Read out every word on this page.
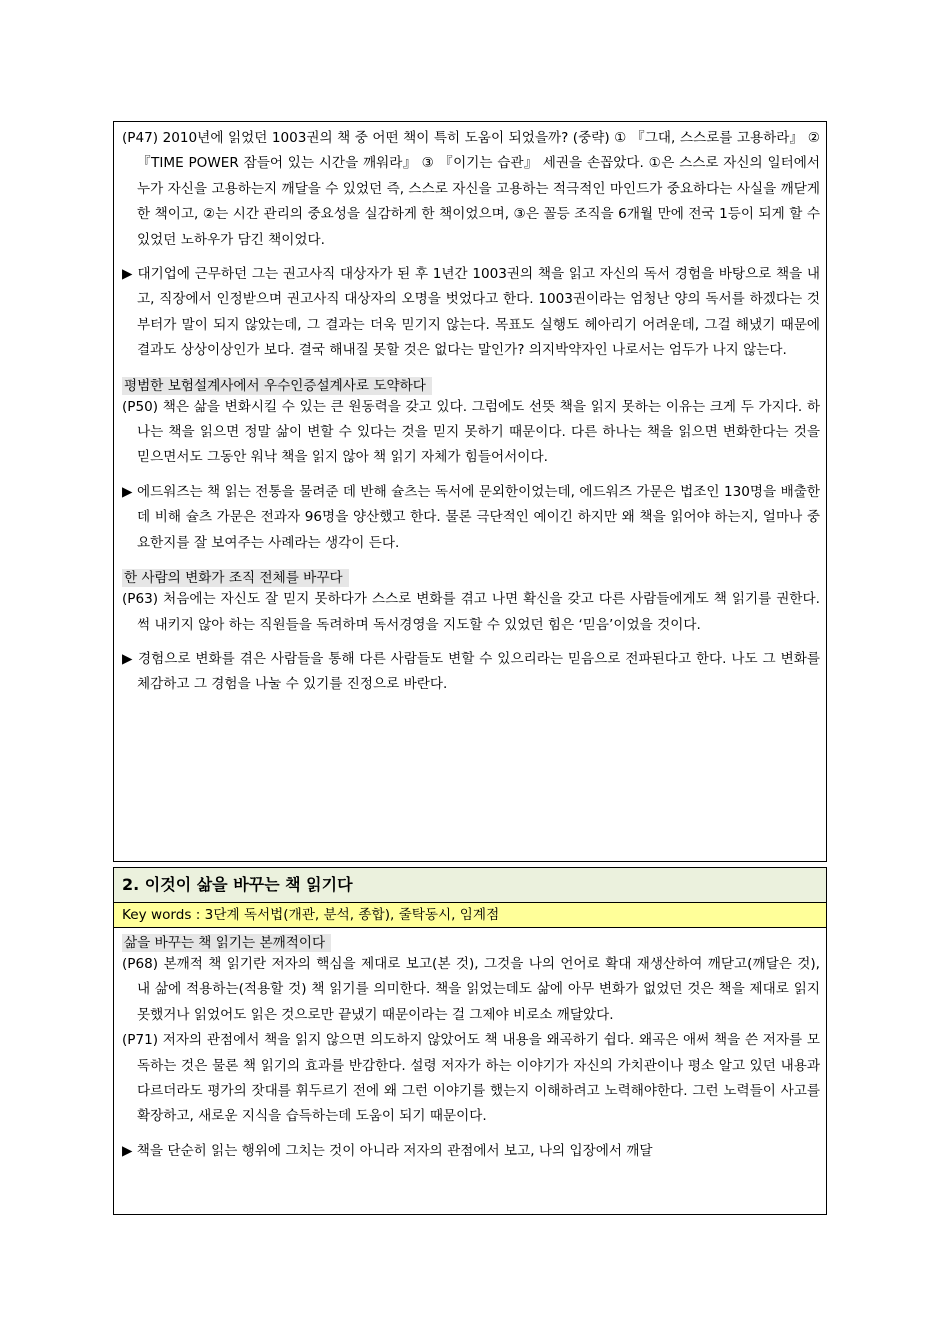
(P47) 2010년에 읽었던 1003권의 책 중 어떤 책이 특히 도움이 되었을까? (중략) ① 『그대, 스스로를 고용하라』 ② 『TIME POWER 잠들어 있는 시간을 깨워라』 ③ 『이기는 습관』 세권을 손꼽았다. ①은 스스로 자신의 일터에서 누가 자신을 고용하는지 깨달을 수 있었던 즉, 스스로 자신을 고용하는 적극적인 마인드가 중요하다는 사실을 깨닫게 한 책이고, ②는 시간 관리의 중요성을 실감하게 한 책이었으며, ③은 꼴등 조직을 6개월 만에 전국 1등이 되게 할 수 있었던 노하우가 담긴 책이었다.

▶ 대기업에 근무하던 그는 권고사직 대상자가 된 후 1년간 1003권의 책을 읽고 자신의 독서 경험을 바탕으로 책을 내고, 직장에서 인정받으며 권고사직 대상자의 오명을 벗었다고 한다. 1003권이라는 엄청난 양의 독서를 하겠다는 것부터가 말이 되지 않았는데, 그 결과는 더욱 믿기지 않는다. 목표도 실행도 헤아리기 어려운데, 그걸 해냈기 때문에 결과도 상상이상인가 보다. 결국 해내질 못할 것은 없다는 말인가? 의지박약자인 나로서는 엄두가 나지 않는다.

평범한 보험설계사에서 우수인증설계사로 도약하다

(P50) 책은 삶을 변화시킬 수 있는 큰 원동력을 갖고 있다. 그럼에도 선뜻 책을 읽지 못하는 이유는 크게 두 가지다. 하나는 책을 읽으면 정말 삶이 변할 수 있다는 것을 믿지 못하기 때문이다. 다른 하나는 책을 읽으면 변화한다는 것을 믿으면서도 그동안 워낙 책을 읽지 않아 책 읽기 자체가 힘들어서이다.

▶ 에드워즈는 책 읽는 전통을 물려준 데 반해 슐츠는 독서에 문외한이었는데, 에드워즈 가문은 법조인 130명을 배출한 데 비해 슐츠 가문은 전과자 96명을 양산했고 한다. 물론 극단적인 예이긴 하지만 왜 책을 읽어야 하는지, 얼마나 중요한지를 잘 보여주는 사례라는 생각이 든다.

한 사람의 변화가 조직 전체를 바꾸다

(P63) 처음에는 자신도 잘 믿지 못하다가 스스로 변화를 겪고 나면 확신을 갖고 다른 사람들에게도 책 읽기를 권한다. 썩 내키지 않아 하는 직원들을 독려하며 독서경영을 지도할 수 있었던 힘은 ‘믿음’이었을 것이다.

▶ 경험으로 변화를 겪은 사람들을 통해 다른 사람들도 변할 수 있으리라는 믿음으로 전파된다고 한다. 나도 그 변화를 체감하고 그 경험을 나눌 수 있기를 진정으로 바란다.

2. 이것이 삶을 바꾸는 책 읽기다
Key words : 3단계 독서법(개관, 분석, 종합), 줄탁동시, 임계점
삶을 바꾸는 책 읽기는 본깨적이다

(P68) 본깨적 책 읽기란 저자의 핵심을 제대로 보고(본 것), 그것을 나의 언어로 확대 재생산하여 깨닫고(깨달은 것), 내 삶에 적용하는(적용할 것) 책 읽기를 의미한다. 책을 읽었는데도 삶에 아무 변화가 없었던 것은 책을 제대로 읽지 못했거나 읽었어도 읽은 것으로만 끝냈기 때문이라는 걸 그제야 비로소 깨달았다.

(P71) 저자의 관점에서 책을 읽지 않으면 의도하지 않았어도 책 내용을 왜곡하기 쉽다. 왜곡은 애써 책을 쓴 저자를 모독하는 것은 물론 책 읽기의 효과를 반감한다. 설령 저자가 하는 이야기가 자신의 가치관이나 평소 알고 있던 내용과 다르더라도 평가의 잣대를 휘두르기 전에 왜 그런 이야기를 했는지 이해하려고 노력해야한다. 그런 노력들이 사고를 확장하고, 새로운 지식을 습득하는데 도움이 되기 때문이다.

▶ 책을 단순히 읽는 행위에 그치는 것이 아니라 저자의 관점에서 보고, 나의 입장에서 깨달
